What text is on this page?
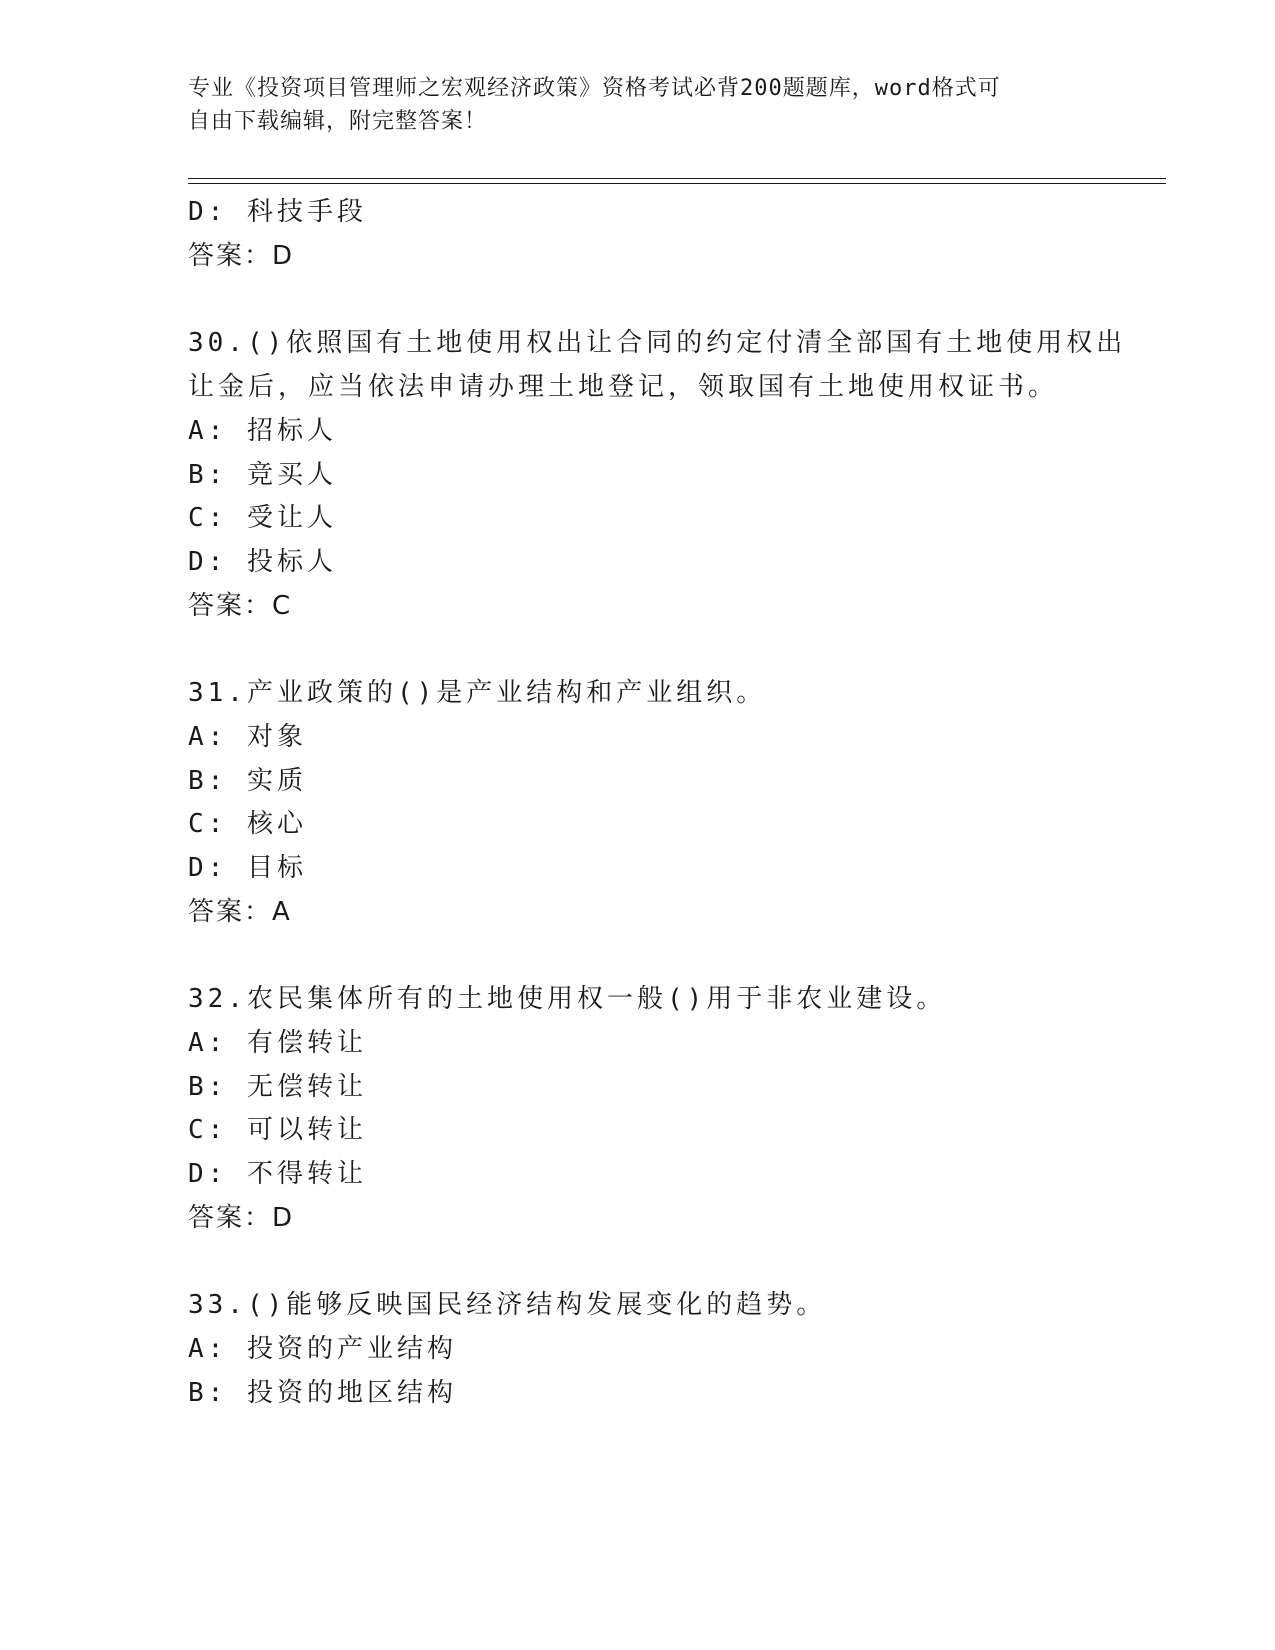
专业《投资项目管理师之宏观经济政策》资格考试必背200题题库，word格式可
自由下载编辑，附完整答案！
D: 科技手段
答案：D
30.()依照国有土地使用权出让合同的约定付清全部国有土地使用权出
让金后，应当依法申请办理土地登记，领取国有土地使用权证书。
A: 招标人
B: 竞买人
C: 受让人
D: 投标人
答案：C
31.产业政策的()是产业结构和产业组织。
A: 对象
B: 实质
C: 核心
D: 目标
答案：A
32.农民集体所有的土地使用权一般()用于非农业建设。
A: 有偿转让
B: 无偿转让
C: 可以转让
D: 不得转让
答案：D
33.()能够反映国民经济结构发展变化的趋势。
A: 投资的产业结构
B: 投资的地区结构
